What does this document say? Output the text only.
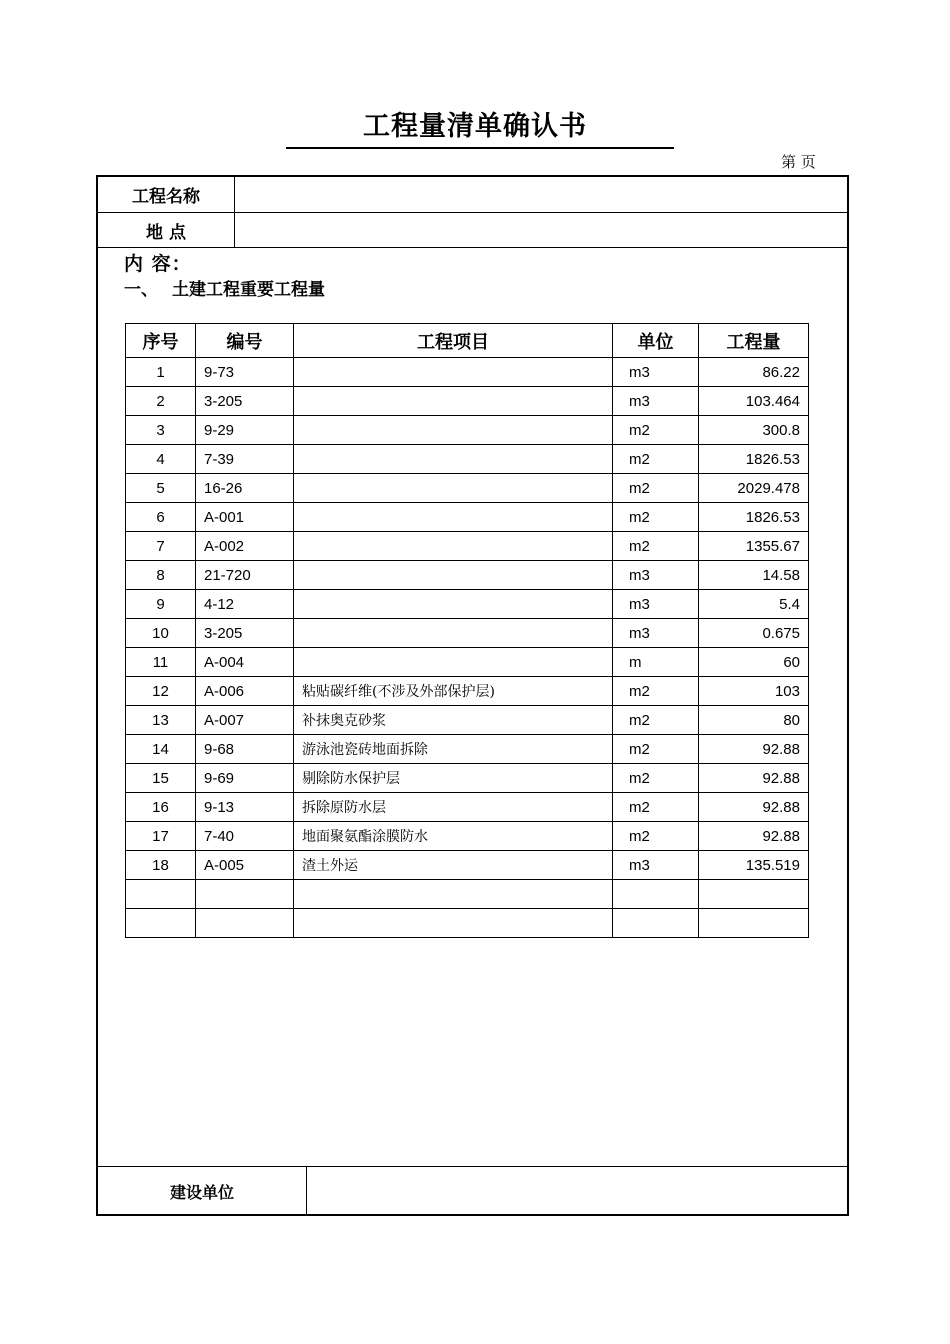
工程量清单确认书
第 页
工程名称
地 点
内 容：
一、 土建工程重要工程量
序号	编号	工程项目	单位	工程量
1	9-73		m3	86.22
2	3-205		m3	103.464
3	9-29		m2	300.8
4	7-39		m2	1826.53
5	16-26		m2	2029.478
6	A-001		m2	1826.53
7	A-002		m2	1355.67
8	21-720		m3	14.58
9	4-12		m3	5.4
10	3-205		m3	0.675
11	A-004		m	60
12	A-006	粘贴碳纤维(不涉及外部保护层)	m2	103
13	A-007	补抹奥克砂浆	m2	80
14	9-68	游泳池瓷砖地面拆除	m2	92.88
15	9-69	剔除防水保护层	m2	92.88
16	9-13	拆除原防水层	m2	92.88
17	7-40	地面聚氨酯涂膜防水	m2	92.88
18	A-005	渣土外运	m3	135.519

建设单位
